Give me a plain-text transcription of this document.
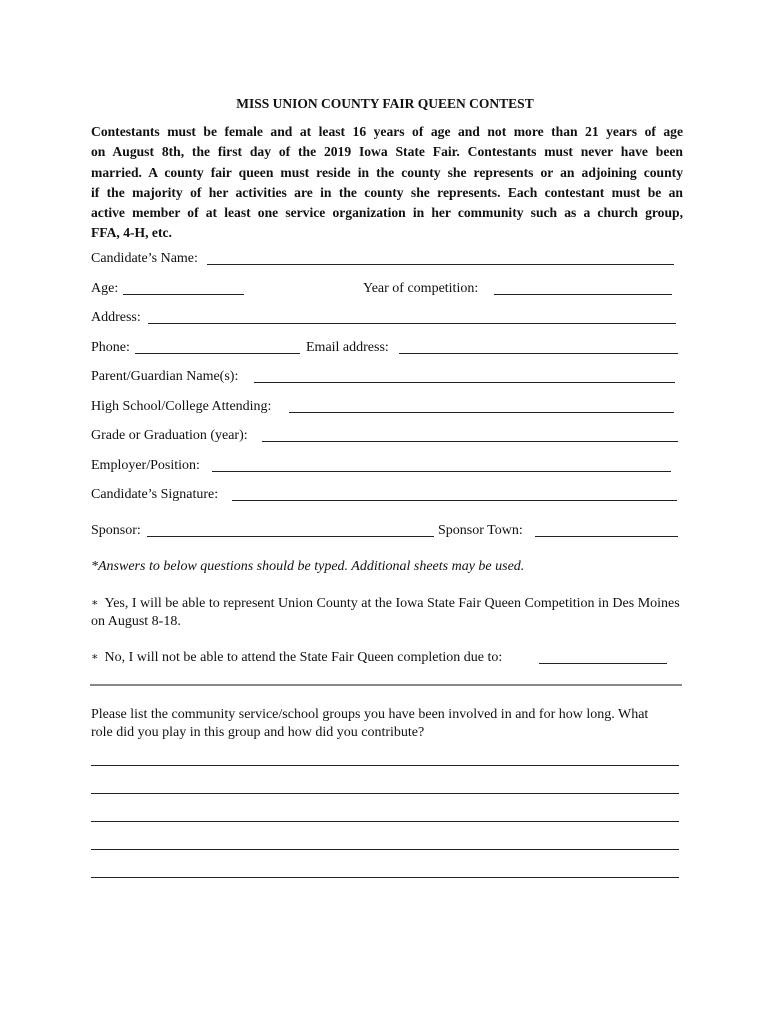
MISS UNION COUNTY FAIR QUEEN CONTEST
Contestants must be female and at least 16 years of age and not more than 21 years of age
on August 8th, the first day of the 2019 Iowa State Fair. Contestants must never have been
married. A county fair queen must reside in the county she represents or an adjoining county
if the majority of her activities are in the county she represents. Each contestant must be an
active member of at least one service organization in her community such as a church group,
FFA, 4-H, etc.
Candidate’s Name:
Age:	Year of competition:
Address:
Phone:	Email address:
Parent/Guardian Name(s):
High School/College Attending:
Grade or Graduation (year):
Employer/Position:
Candidate’s Signature:
Sponsor:	Sponsor Town:
*Answers to below questions should be typed. Additional sheets may be used.
∗ Yes, I will be able to represent Union County at the Iowa State Fair Queen Competition in Des Moines on August 8-18.
∗ No, I will not be able to attend the State Fair Queen completion due to:
Please list the community service/school groups you have been involved in and for how long. What role did you play in this group and how did you contribute?
